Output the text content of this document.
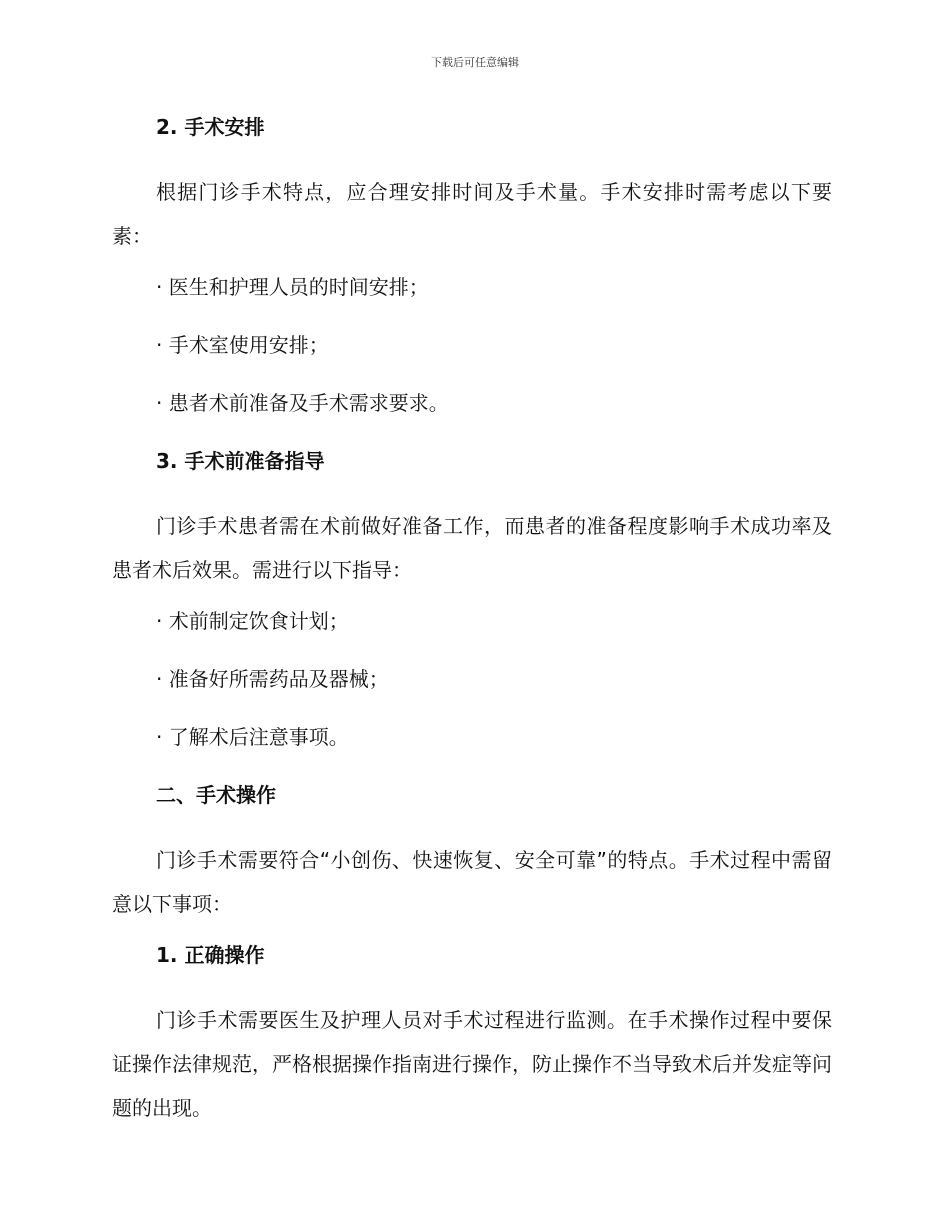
下载后可任意编辑
2. 手术安排

根据门诊手术特点，应合理安排时间及手术量。手术安排时需考虑以下要素：

· 医生和护理人员的时间安排；
· 手术室使用安排；
· 患者术前准备及手术需求要求。
3. 手术前准备指导

门诊手术患者需在术前做好准备工作，而患者的准备程度影响手术成功率及患者术后效果。需进行以下指导：

· 术前制定饮食计划；
· 准备好所需药品及器械；
· 了解术后注意事项。
二、手术操作

门诊手术需要符合“小创伤、快速恢复、安全可靠”的特点。手术过程中需留意以下事项：

1. 正确操作

门诊手术需要医生及护理人员对手术过程进行监测。在手术操作过程中要保证操作法律规范，严格根据操作指南进行操作，防止操作不当导致术后并发症等问题的出现。
